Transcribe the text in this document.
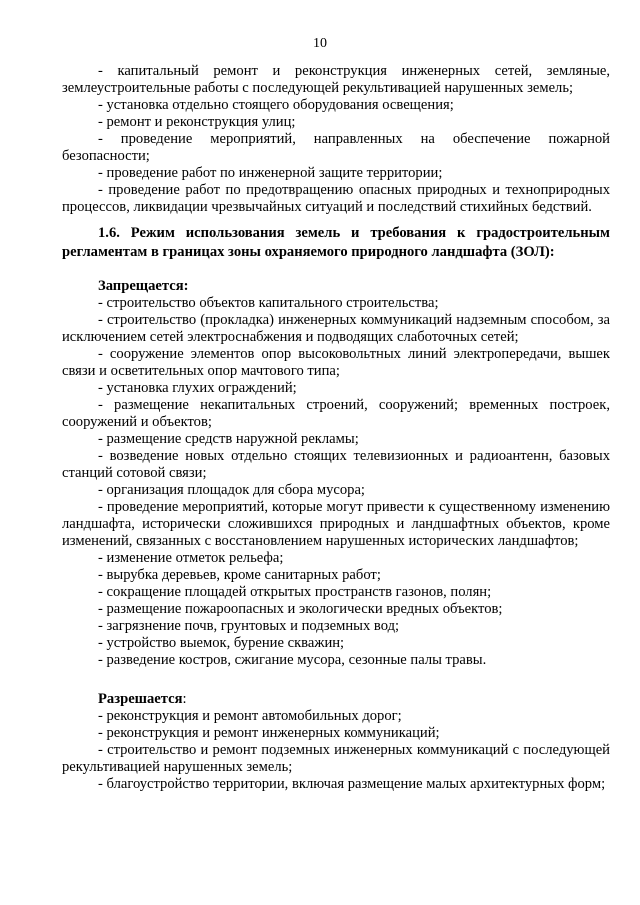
10

- капитальный ремонт и реконструкция инженерных сетей, земляные, землеустроительные работы с последующей рекультивацией нарушенных земель;

- установка отдельно стоящего оборудования освещения;

- ремонт и реконструкция улиц;

- проведение мероприятий, направленных на обеспечение пожарной безопасности;

- проведение работ по инженерной защите территории;

- проведение работ по предотвращению опасных природных и технoприродных процессов, ликвидации чрезвычайных ситуаций и последствий стихийных бедствий.

1.6. Режим использования земель и требования к градостроительным регламентам в границах зоны охраняемого природного ландшафта (ЗОЛ):

Запрещается:

- строительство объектов капитального строительства;

- строительство (прокладка) инженерных коммуникаций надземным способом, за исключением сетей электроснабжения и подводящих слаботочных сетей;

- сооружение элементов опор высоковольтных линий электропередачи, вышек связи и осветительных опор мачтового типа;

- установка глухих ограждений;

- размещение некапитальных строений, сооружений; временных построек, сооружений и объектов;

- размещение средств наружной рекламы;

- возведение новых отдельно стоящих телевизионных и радиоантенн, базовых станций сотовой связи;

- организация площадок для сбора мусора;

- проведение мероприятий, которые могут привести к существенному изменению ландшафта, исторически сложившихся природных и ландшафтных объектов, кроме изменений, связанных с восстановлением нарушенных исторических ландшафтов;

- изменение отметок рельефа;

- вырубка деревьев, кроме санитарных работ;

- сокращение площадей открытых пространств газонов, полян;

- размещение пожароопасных и экологически вредных объектов;

- загрязнение почв, грунтовых и подземных вод;

- устройство выемок, бурение скважин;

- разведение костров, сжигание мусора, сезонные палы травы.

Разрешается:

- реконструкция и ремонт автомобильных дорог;

- реконструкция и ремонт инженерных коммуникаций;

- строительство и ремонт подземных инженерных коммуникаций с последующей рекультивацией нарушенных земель;

- благоустройство территории, включая размещение малых архитектурных форм;
